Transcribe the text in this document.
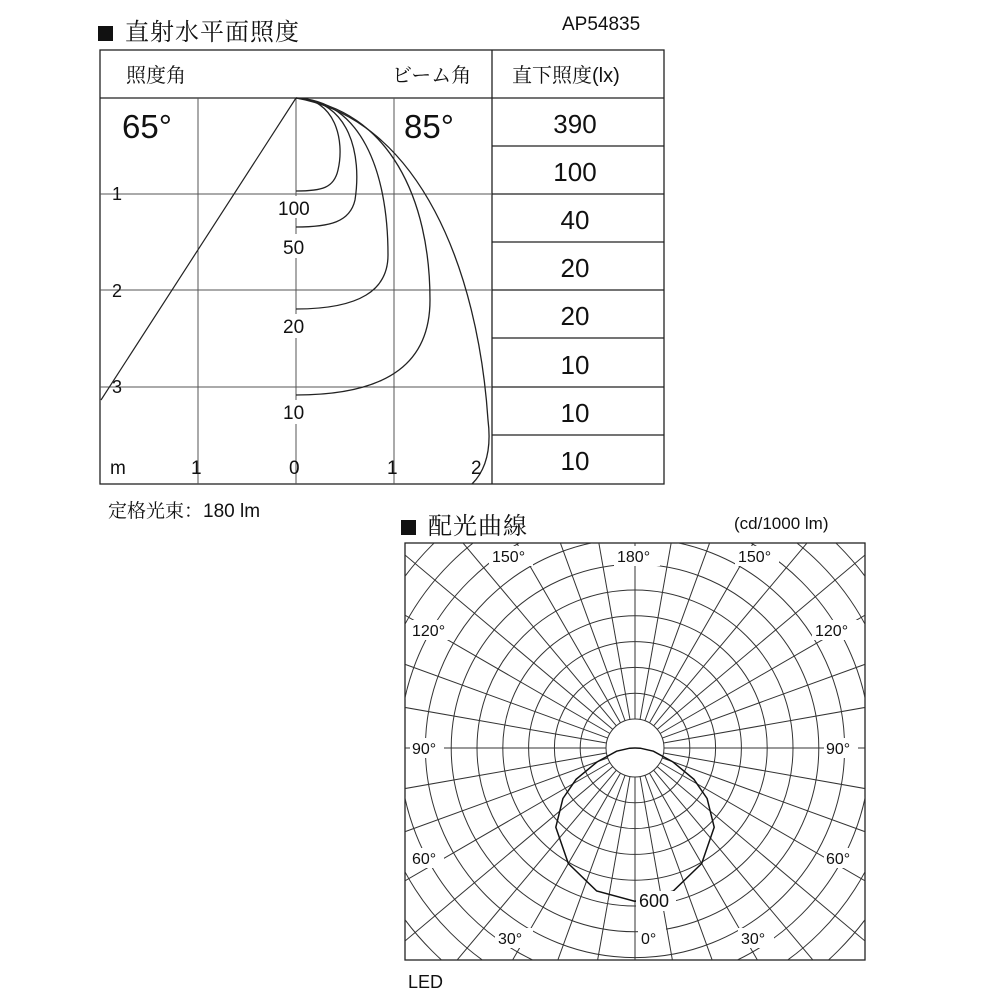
直射水平面照度	AP54835
定格光束：180 lm
配光曲線	(cd/1000 lm)
LED
照度角	ビーム角 直下照度(lx)
65°	85°
1
2
3
m	1	0	1	2
100
50
20
10
390
100
40
20
20
10
10
10
150°	180°	150°
120°	120°
90°	90°
60°	60°
30°	0°	30°
600
